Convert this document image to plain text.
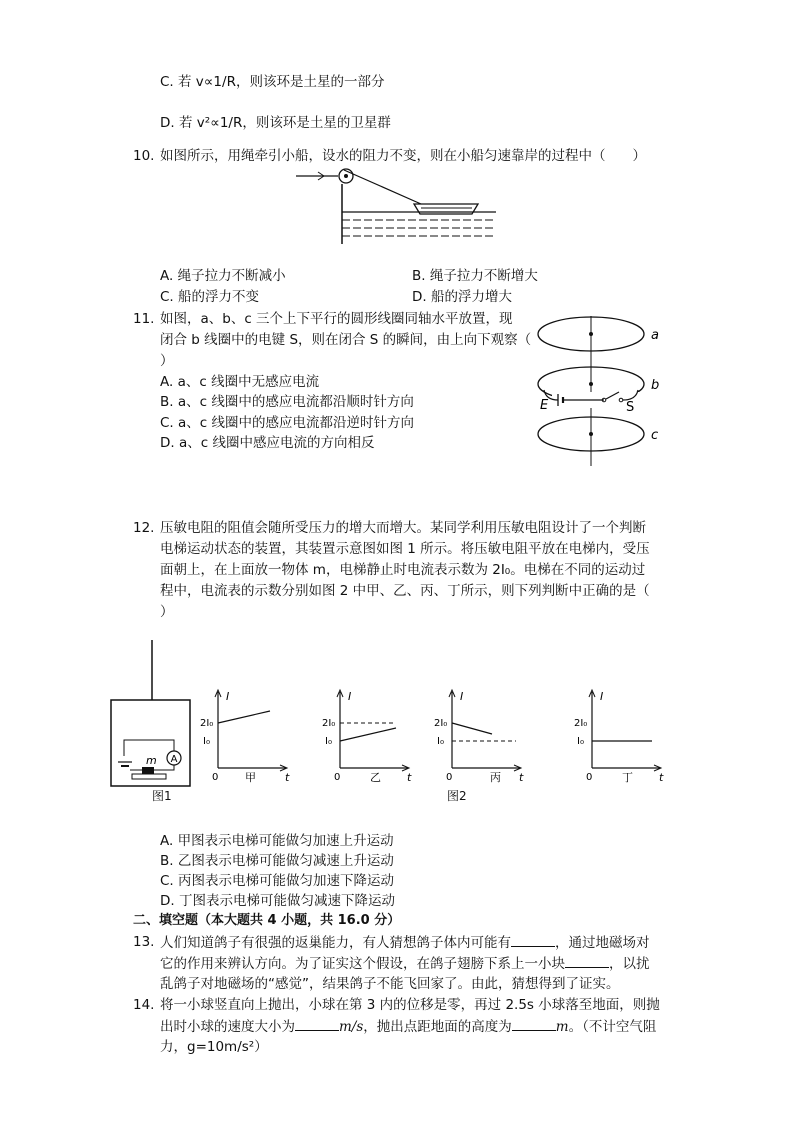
C. 若 v∝1/R，则该环是土星的一部分
D. 若 v²∝1/R，则该环是土星的卫星群
10. 如图所示，用绳牵引小船，设水的阻力不变，则在小船匀速靠岸的过程中（　　）
A. 绳子拉力不断减小	B. 绳子拉力不断增大
C. 船的浮力不变	D. 船的浮力增大
11. 如图，a、b、c 三个上下平行的圆形线圈同轴水平放置，现
闭合 b 线圈中的电键 S，则在闭合 S 的瞬间，由上向下观察（
）
A. a、c 线圈中无感应电流
B. a、c 线圈中的感应电流都沿顺时针方向
C. a、c 线圈中的感应电流都沿逆时针方向
D. a、c 线圈中感应电流的方向相反
a
b
c
E	S
12. 压敏电阻的阻值会随所受压力的增大而增大。某同学利用压敏电阻设计了一个判断
电梯运动状态的装置，其装置示意图如图 1 所示。将压敏电阻平放在电梯内，受压
面朝上，在上面放一物体 m，电梯静止时电流表示数为 2I₀。电梯在不同的运动过
程中，电流表的示数分别如图 2 中甲、乙、丙、丁所示，则下列判断中正确的是（
）
A
m
图1
I
t
0
2I₀
I₀
甲
I
t
0
2I₀
I₀
乙
I
t
0
2I₀
I₀
丙
I
t
0
2I₀
I₀
丁
图2
A. 甲图表示电梯可能做匀加速上升运动
B. 乙图表示电梯可能做匀减速上升运动
C. 丙图表示电梯可能做匀加速下降运动
D. 丁图表示电梯可能做匀减速下降运动
二、填空题（本大题共 4 小题，共 16.0 分）
13. 人们知道鸽子有很强的返巢能力，有人猜想鸽子体内可能有	，通过地磁场对
它的作用来辨认方向。为了证实这个假设，在鸽子翅膀下系上一小块	，以扰
乱鸽子对地磁场的“感觉”，结果鸽子不能飞回家了。由此，猜想得到了证实。
14. 将一小球竖直向上抛出，小球在第 3 内的位移是零，再过 2.5s 小球落至地面，则抛
出时小球的速度大小为	m/s，抛出点距地面的高度为	m。（不计空气阻
力，g=10m/s²）
